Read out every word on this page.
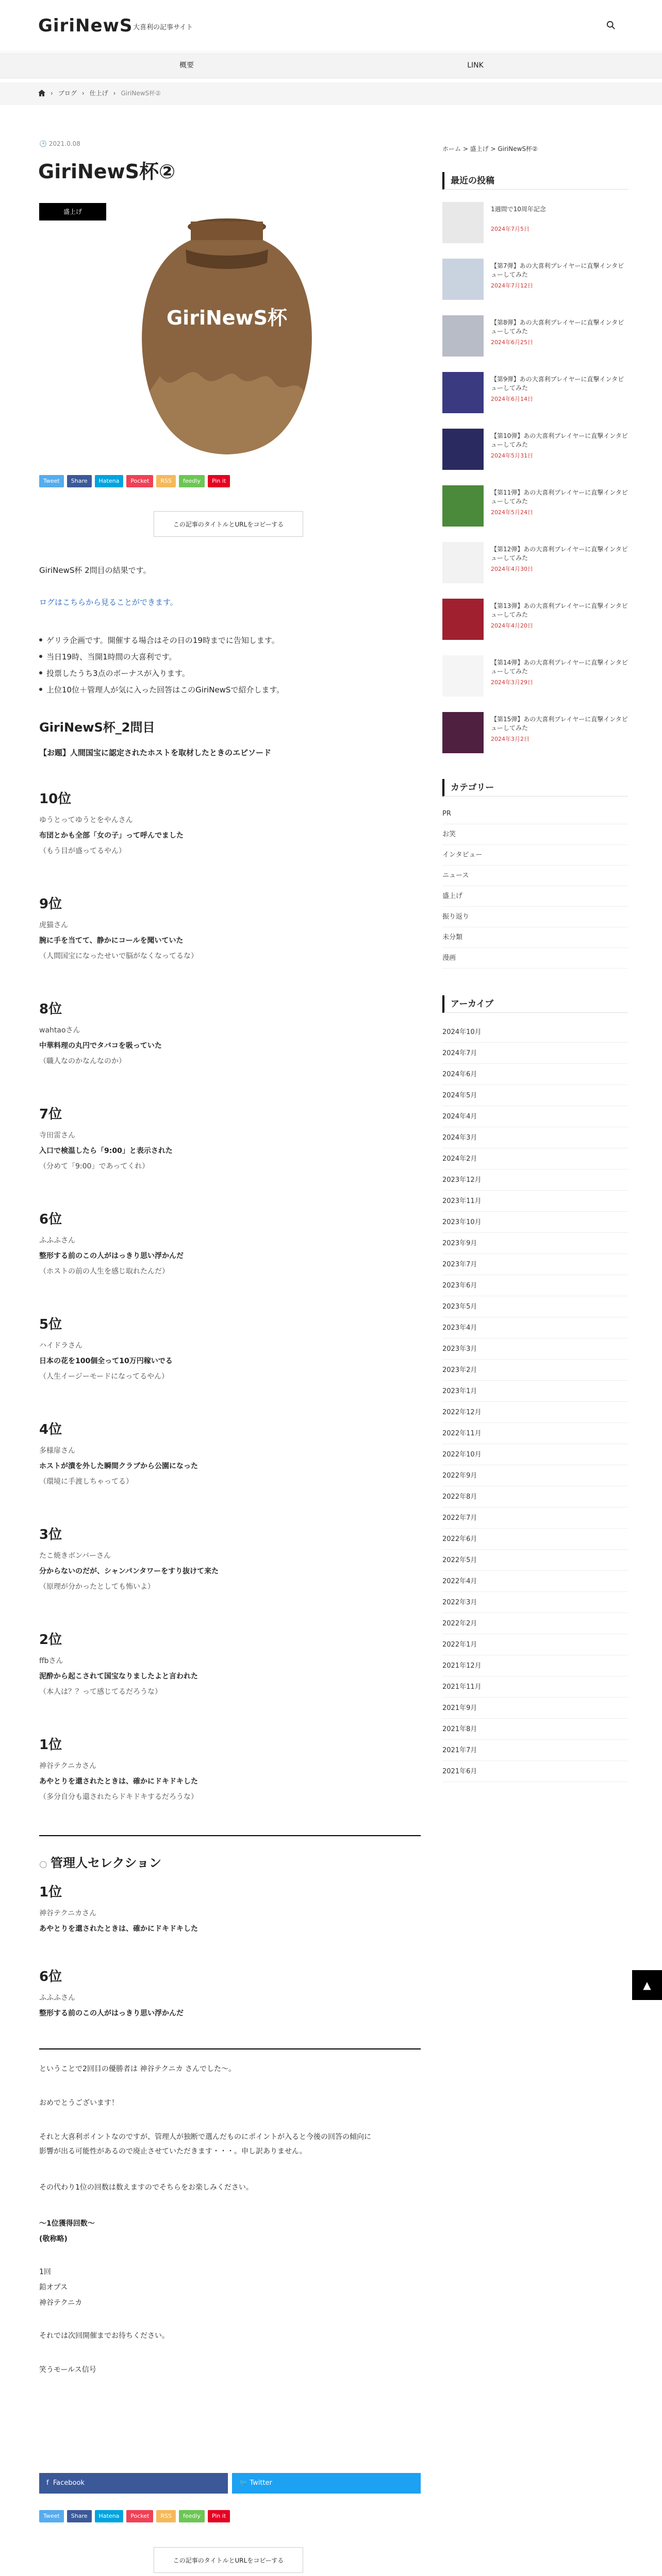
GiriNewS 大喜利の記事サイト
概要	LINK
› ブログ › 仕上げ › GiriNewS杯②
🕒 2021.0.08
GiriNewS杯②
盛上げ
GiriNewS杯
Tweet	Share	Hatena	Pocket	RSS	feedly	Pin it
この記事のタイトルとURLをコピーする

GiriNewS杯 2問目の結果です。

ログはこちらから見ることができます。

ゲリラ企画です。開催する場合はその日の19時までに告知します。
当日19時、当開1時間の大喜利です。
投票したうち3点のボーナスが入ります。
上位10位＋管理人が気に入った回答はこのGiriNewSで紹介します。
GiriNewS杯_2問目

【お題】人間国宝に認定されたホストを取材したときのエピソード

10位

ゆうとってゆうとをやんさん

布団とかも全部「女の子」って呼んでました

（もう目が盛ってるやん）

9位

虎猫さん

腕に手を当てて、静かにコールを聞いていた

（人間国宝になったせいで脳がなくなってるな）

8位

wahtaoさん

中華料理の丸円でタバコを吸っていた

（職人なのかなんなのか）

7位

寺田雷さん

入口で検温したら「9:00」と表示された

（分めて「9:00」であってくれ）

6位

ふふふさん

整形する前のこの人がはっきり思い浮かんだ

（ホストの前の人生を感じ取れたんだ）

5位

ハイドラさん

日本の花を100個全って10万円稼いでる

（人生イージーモードになってるやん）

4位

多様扉さん

ホストが潰を外した瞬間クラブから公園になった

（環境に手渡しちゃってる）

3位

たこ焼きボンバーさん

分からないのだが、シャンパンタワーをすり抜けて来た

（原理が分かったとしても怖いよ）

2位

ffbさん

泥酔から起こされて国宝なりましたよと言われた

（本人は？？って感じてるだろうな）

1位

神谷テクニカさん

あやとりを還されたときは、確かにドキドキした

（多分自分も還されたらドキドキするだろうな）

○ 管理人セレクション
1位

神谷テクニカさん

あやとりを還されたときは、確かにドキドキした

6位

ふふふさん

整形する前のこの人がはっきり思い浮かんだ

ということで2回目の優勝者は 神谷テクニカ さんでした〜。

おめでとうございます！

それと大喜利ポイントなのですが、管理人が独断で選んだものにポイントが入ると今後の回答の傾向に

影響が出る可能性があるので廃止させていただきます・・・。申し訳ありません。

その代わり1位の回数は数えますのでそちらをお楽しみください。

〜1位獲得回数〜

(敬称略)

1回

鉛オプス

神谷テクニカ

それでは次回開催までお待ちください。

笑うモールス信号

f  Facebook	🐦 Twitter
Tweet	Share	Hatena	Pocket	RSS	feedly	Pin it
この記事のタイトルとURLをコピーする
ホーム > 盛上げ > GiriNewS杯②
最近の投稿
1週間で10周年記念
2024年7月5日
【第7弾】あの大喜利プレイヤーに直撃インタビューしてみた
2024年7月12日
【第8弾】あの大喜利プレイヤーに直撃インタビューしてみた
2024年6月25日
【第9弾】あの大喜利プレイヤーに直撃インタビューしてみた
2024年6月14日
【第10弾】あの大喜利プレイヤーに直撃インタビューしてみた
2024年5月31日
【第11弾】あの大喜利プレイヤーに直撃インタビューしてみた
2024年5月24日
【第12弾】あの大喜利プレイヤーに直撃インタビューしてみた
2024年4月30日
【第13弾】あの大喜利プレイヤーに直撃インタビューしてみた
2024年4月20日
【第14弾】あの大喜利プレイヤーに直撃インタビューしてみた
2024年3月29日
【第15弾】あの大喜利プレイヤーに直撃インタビューしてみた
2024年3月2日
カテゴリー
PR
お笑
インタビュー
ニュース
盛上げ
振り返り
未分類
漫画
アーカイブ
2024年10月
2024年7月
2024年6月
2024年5月
2024年4月
2024年3月
2024年2月
2023年12月
2023年11月
2023年10月
2023年9月
2023年7月
2023年6月
2023年5月
2023年4月
2023年3月
2023年2月
2023年1月
2022年12月
2022年11月
2022年10月
2022年9月
2022年8月
2022年7月
2022年6月
2022年5月
2022年4月
2022年3月
2022年2月
2022年1月
2021年12月
2021年11月
2021年9月
2021年8月
2021年7月
2021年6月
▲
